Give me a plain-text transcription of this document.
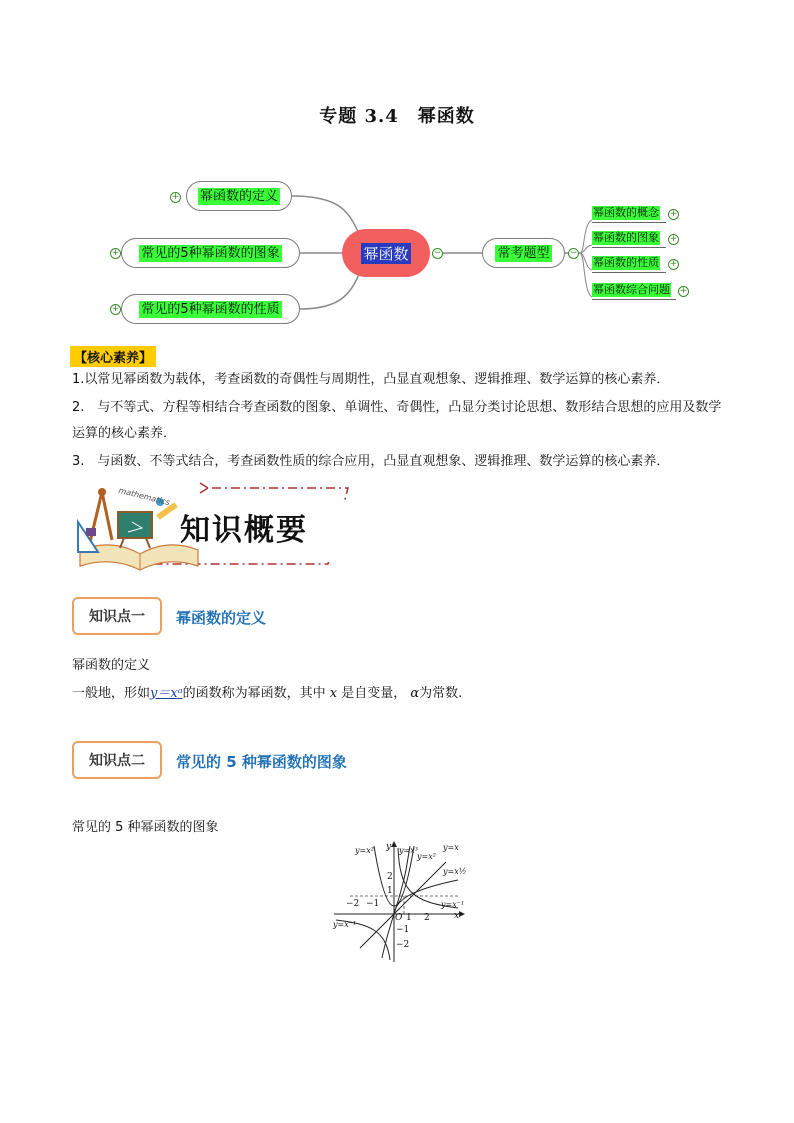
专题 3.4　幂函数
幂函数的定义
+
常见的5种幂函数的图象
+
常见的5种幂函数的性质
+
幂函数	−	常考题型 −
幂函数的概念 +
幂函数的图象 +
幂函数的性质 +
幂函数综合问题 +
【核心素养】
1.以常见幂函数为载体，考查函数的奇偶性与周期性，凸显直观想象、逻辑推理、数学运算的核心素养．
2.　与不等式、方程等相结合考查函数的图象、单调性、奇偶性，凸显分类讨论思想、数形结合思想的应用及数学运算的核心素养．
3.　与函数、不等式结合，考查函数性质的综合应用，凸显直观想象、逻辑推理、数学运算的核心素养．
mathematics
知识概要
知识点一	幂函数的定义
幂函数的定义
一般地，形如y＝xᵃ的函数称为幂函数，其中 x 是自变量， α为常数.
知识点二	常见的 5 种幂函数的图象
常见的 5 种幂函数的图象
y=x²	y=x³
y=x²
y=x
y=x½
y=x⁻¹
y=x⁻¹
y
x
O
2
1
−1
−2
−2 −1
1 2
